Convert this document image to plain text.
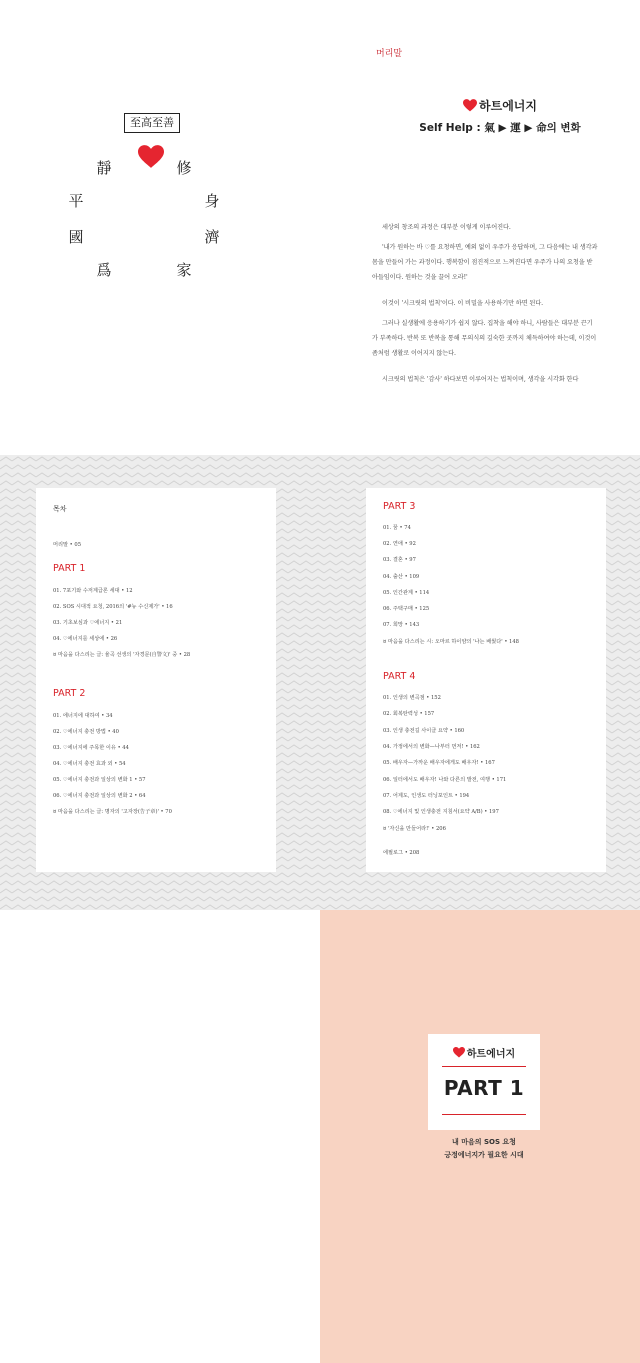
至高至善
靜	修
平	身
國	濟
爲	家
머리말
하트에너지
Self Help : 氣 ▶ 運 ▶ 命의 변화

세상의 창조의 과정은 대부분 이렇게 이루어진다.

'내가 원하는 바 ♡를 요청하면, 예외 없이 우주가 응답하며, 그 다음에는 내 생각과 몸을 만들어 가는 과정이다. 행복함이 점진적으로 느껴진다면 우주가 나의 요청을 받아들임이다. 원하는 것을 끌어 오라!'

이것이 '시크릿의 법칙'이다. 이 비밀을 사용하기만 하면 된다.

그러나 실생활에 응용하기가 쉽지 않다. 집착을 해야 하니, 사람들은 대부분 끈기가 부족하다. 반복 또 반복을 통해 무의식의 깊숙한 곳까지 체득하여야 하는데, 이것이 좀처럼 생활로 이어지지 않는다.

시크릿의 법칙은 '감사' 하다보면 이루어지는 법칙이며, 생각을 시각화 한다

목차
머리말 • 05
PART 1
01. 7포기와 수저계급론 세대 • 12
02. SOS 시대적 요청, 2016의 '#뉴 수신제가' • 16
03. 기초보심과 ♡에너지 • 21
04. ♡에너지를 세상에 • 26
¤ 마음을 다스리는 글: 율곡 선생의 '자경문(自警文)' 중 • 28
PART 2
01. 에너지에 대하여 • 34
02. ♡에너지 충전 방법 • 40
03. ♡에너지에 주목한 이유 • 44
04. ♡에너지 충전 효과 외 • 54
05. ♡에너지 충전과 일상의 변화 1 • 57
06. ♡에너지 충전과 일상의 변화 2 • 64
¤ 마음을 다스리는 글: 명자의 '고자장(告子章)' • 70
PART 3
01. 꿈 • 74
02. 연애 • 92
03. 결혼 • 97
04. 출산 • 109
05. 인간관계 • 114
06. 주택구매 • 125
07. 희망 • 143
¤ 마음을 다스리는 시: 오마르 하이얌의 '나는 배웠다' • 148
PART 4
01. 인생의 변곡점 • 152
02. 회복탄력성 • 157
03. 인생 충전길 사이클 요약 • 160
04. 가정에서의 변화—나부터 먼저! • 162
05. 배우자—가까운 배우자에게도 배우자! • 167
06. 일터에서도 배우자! 나와 다른의 발전, 여행 • 171
07. 어제도, 인생도 터닝포인트 • 194
08. ♡에너지 및 인생충전 지침서(요약 A/B) • 197
¤ '자신을 만들어라!' • 206
에필로그 • 208
하트에너지
PART 1
내 마음의 SOS 요청
긍정에너지가 필요한 시대
